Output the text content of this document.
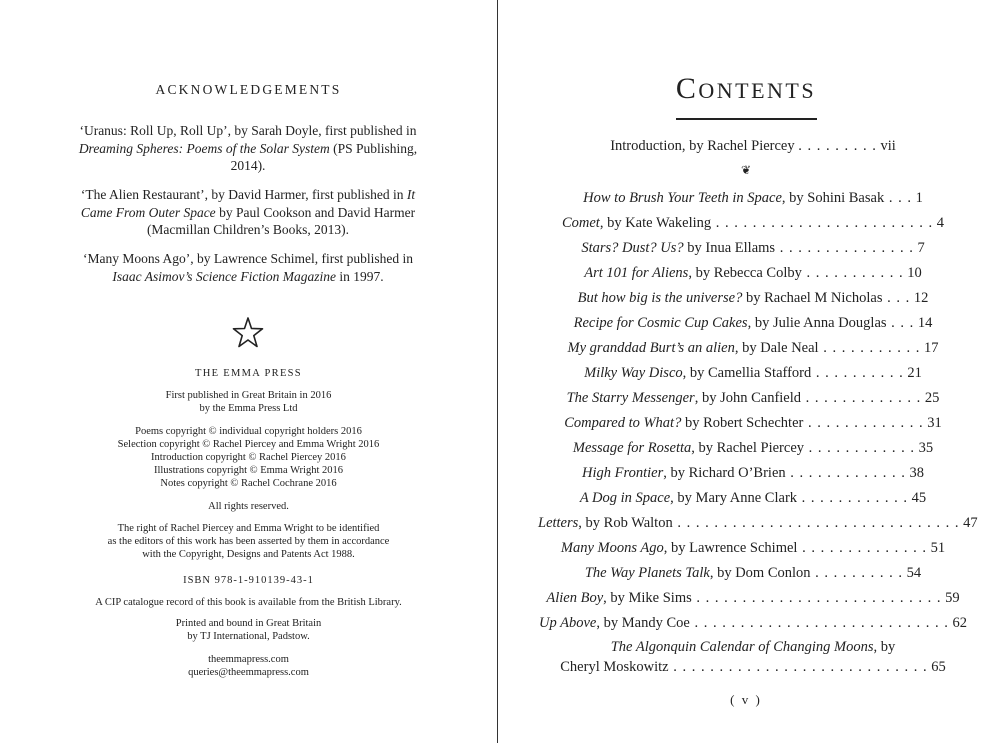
ACKNOWLEDGEMENTS
‘Uranus: Roll Up, Roll Up’, by Sarah Doyle, first published in Dreaming Spheres: Poems of the Solar System (PS Publishing, 2014).
‘The Alien Restaurant’, by David Harmer, first published in It Came From Outer Space by Paul Cookson and David Harmer (Macmillan Children’s Books, 2013).
‘Many Moons Ago’, by Lawrence Schimel, first published in Isaac Asimov’s Science Fiction Magazine in 1997.
THE EMMA PRESS
First published in Great Britain in 2016
by the Emma Press Ltd
Poems copyright © individual copyright holders 2016
Selection copyright © Rachel Piercey and Emma Wright 2016
Introduction copyright © Rachel Piercey 2016
Illustrations copyright © Emma Wright 2016
Notes copyright © Rachel Cochrane 2016
All rights reserved.
The right of Rachel Piercey and Emma Wright to be identified
as the editors of this work has been asserted by them in accordance
with the Copyright, Designs and Patents Act 1988.
ISBN 978-1-910139-43-1
A CIP catalogue record of this book is available from the British Library.
Printed and bound in Great Britain
by TJ International, Padstow.
theemmapress.com
queries@theemmapress.com
CONTENTS
Introduction, by Rachel Piercey . . . . . . . . . vii
❦
How to Brush Your Teeth in Space, by Sohini Basak . . . 1
Comet, by Kate Wakeling . . . . . . . . . . . . . . . . . . . . . . . . 4
Stars? Dust? Us? by Inua Ellams . . . . . . . . . . . . . . . 7
Art 101 for Aliens, by Rebecca Colby . . . . . . . . . . . 10
But how big is the universe? by Rachael M Nicholas . . . 12
Recipe for Cosmic Cup Cakes, by Julie Anna Douglas . . . 14
My granddad Burt’s an alien, by Dale Neal . . . . . . . . . . . 17
Milky Way Disco, by Camellia Stafford . . . . . . . . . . 21
The Starry Messenger, by John Canfield . . . . . . . . . . . . . 25
Compared to What? by Robert Schechter . . . . . . . . . . . . . 31
Message for Rosetta, by Rachel Piercey . . . . . . . . . . . . 35
High Frontier, by Richard O’Brien . . . . . . . . . . . . . 38
A Dog in Space, by Mary Anne Clark . . . . . . . . . . . . 45
Letters, by Rob Walton . . . . . . . . . . . . . . . . . . . . . . . . . . . . . . . 47
Many Moons Ago, by Lawrence Schimel . . . . . . . . . . . . . . 51
The Way Planets Talk, by Dom Conlon . . . . . . . . . . 54
Alien Boy, by Mike Sims . . . . . . . . . . . . . . . . . . . . . . . . . . . 59
Up Above, by Mandy Coe . . . . . . . . . . . . . . . . . . . . . . . . . . . . 62
The Algonquin Calendar of Changing Moons, by
Cheryl Moskowitz . . . . . . . . . . . . . . . . . . . . . . . . . . . . 65
( v )
